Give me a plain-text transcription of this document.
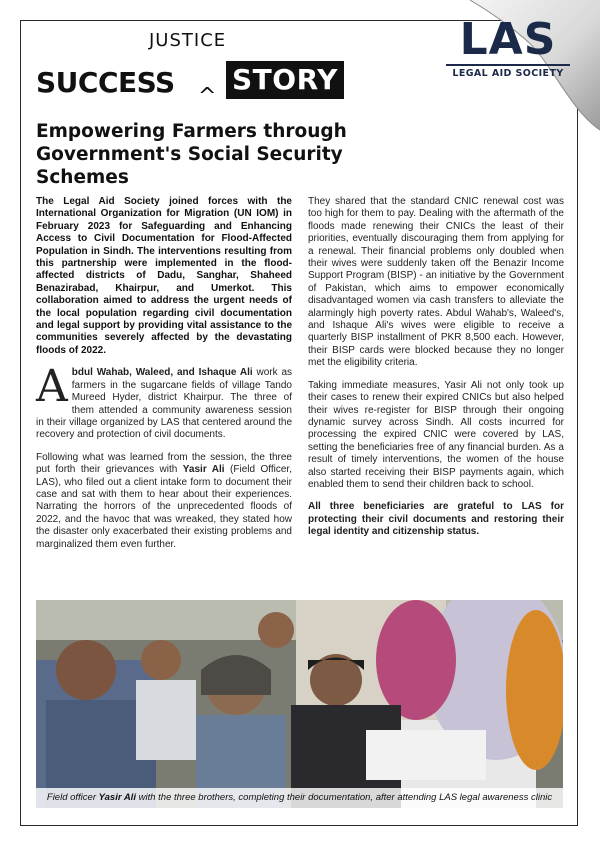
LAS
LEGAL AID SOCIETY
JUSTICE
SUCCESS ^
STORY
Empowering Farmers through Government's Social Security Schemes

The Legal Aid Society joined forces with the International Organization for Migration (UN IOM) in February 2023 for Safeguarding and Enhancing Access to Civil Documentation for Flood-Affected Population in Sindh. The interventions resulting from this partnership were implemented in the flood-affected districts of Dadu, Sanghar, Shaheed Benazirabad, Khairpur, and Umerkot. This collaboration aimed to address the urgent needs of the local population regarding civil documentation and legal support by providing vital assistance to the communities severely affected by the devastating floods of 2022.

Abdul Wahab, Waleed, and Ishaque Ali work as farmers in the sugarcane fields of village Tando Mureed Hyder, district Khairpur. The three of them attended a community awareness session in their village organized by LAS that centered around the recovery and protection of civil documents.

Following what was learned from the session, the three put forth their grievances with Yasir Ali (Field Officer, LAS), who filed out a client intake form to document their case and sat with them to hear about their experiences. Narrating the horrors of the unprecedented floods of 2022, and the havoc that was wreaked, they stated how the disaster only exacerbated their existing problems and marginalized them even further.

They shared that the standard CNIC renewal cost was too high for them to pay. Dealing with the aftermath of the floods made renewing their CNICs the least of their priorities, eventually discouraging them from applying for a renewal. Their financial problems only doubled when their wives were suddenly taken off the Benazir Income Support Program (BISP) - an initiative by the Government of Pakistan, which aims to empower economically disadvantaged women via cash transfers to alleviate the alarmingly high poverty rates. Abdul Wahab's, Waleed's, and Ishaque Ali's wives were eligible to receive a quarterly BISP installment of PKR 8,500 each. However, their BISP cards were blocked because they no longer met the eligibility criteria.

Taking immediate measures, Yasir Ali not only took up their cases to renew their expired CNICs but also helped their wives re-register for BISP through their ongoing dynamic survey across Sindh. All costs incurred for processing the expired CNIC were covered by LAS, setting the beneficiaries free of any financial burden. As a result of timely interventions, the women of the house also started receiving their BISP payments again, which enabled them to send their children back to school.

All three beneficiaries are grateful to LAS for protecting their civil documents and restoring their legal identity and citizenship status.

Field officer Yasir Ali with the three brothers, completing their documentation, after attending LAS legal awareness clinic
